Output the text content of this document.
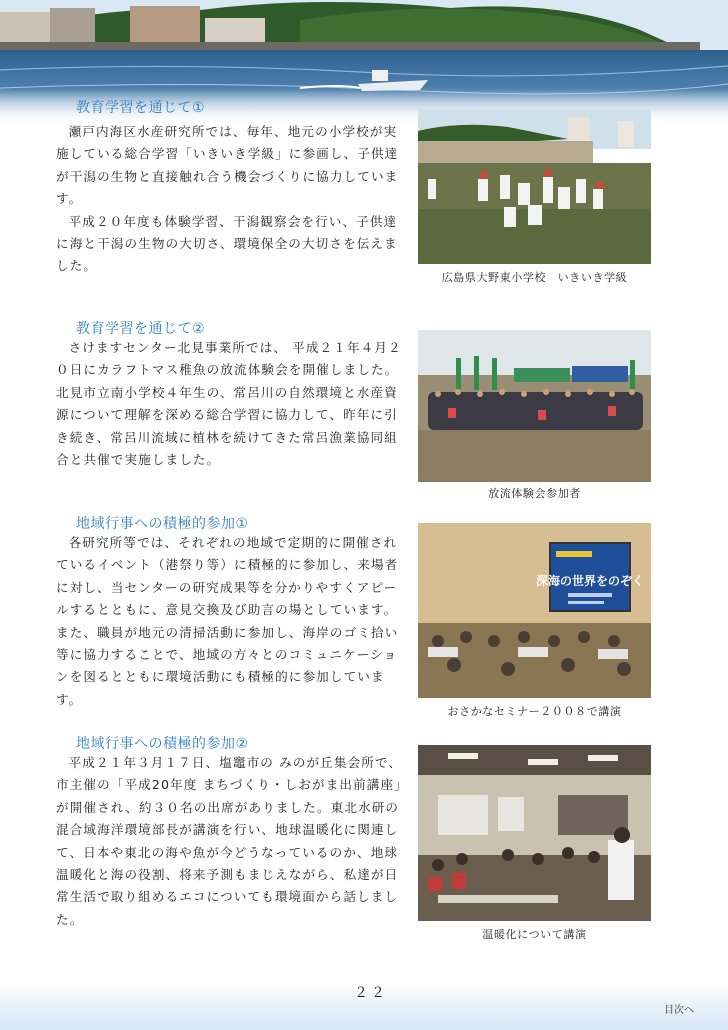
教育学習を通じて①

瀬戸内海区水産研究所では、毎年、地元の小学校が実施している総合学習「いきいき学級」に参画し、子供達が干潟の生物と直接触れ合う機会づくりに協力しています。

平成２０年度も体験学習、干潟観察会を行い、子供達に海と干潟の生物の大切さ、環境保全の大切さを伝えました。

広島県大野東小学校　いきいき学級
教育学習を通じて②

さけますセンター北見事業所では、 平成２１年４月２０日にカラフトマス稚魚の放流体験会を開催しました。北見市立南小学校４年生の、常呂川の自然環境と水産資源について理解を深める総合学習に協力して、昨年に引き続き、常呂川流域に植林を続けてきた常呂漁業協同組合と共催で実施しました。

放流体験会参加者
地域行事への積極的参加①

各研究所等では、それぞれの地域で定期的に開催されているイベント（港祭り等）に積極的に参加し、来場者に対し、当センターの研究成果等を分かりやすくアピールするとともに、意見交換及び助言の場としています。また、職員が地元の清掃活動に参加し、海岸のゴミ拾い等に協力することで、地域の方々とのコミュニケーションを図るとともに環境活動にも積極的に参加しています。

深海の世界をのぞく
おさかなセミナー２００８で講演
地域行事への積極的参加②

平成２１年３月１７日、塩竈市の みのが丘集会所で、市主催の「平成20年度 まちづくり・しおがま出前講座」が開催され、約３０名の出席がありました。東北水研の混合域海洋環境部長が講演を行い、地球温暖化に関連して、日本や東北の海や魚が今どうなっているのか、地球温暖化と海の役割、将来予測もまじえながら、私達が日常生活で取り組めるエコについても環境面から話しました。

温暖化について講演
２２
目次へ
